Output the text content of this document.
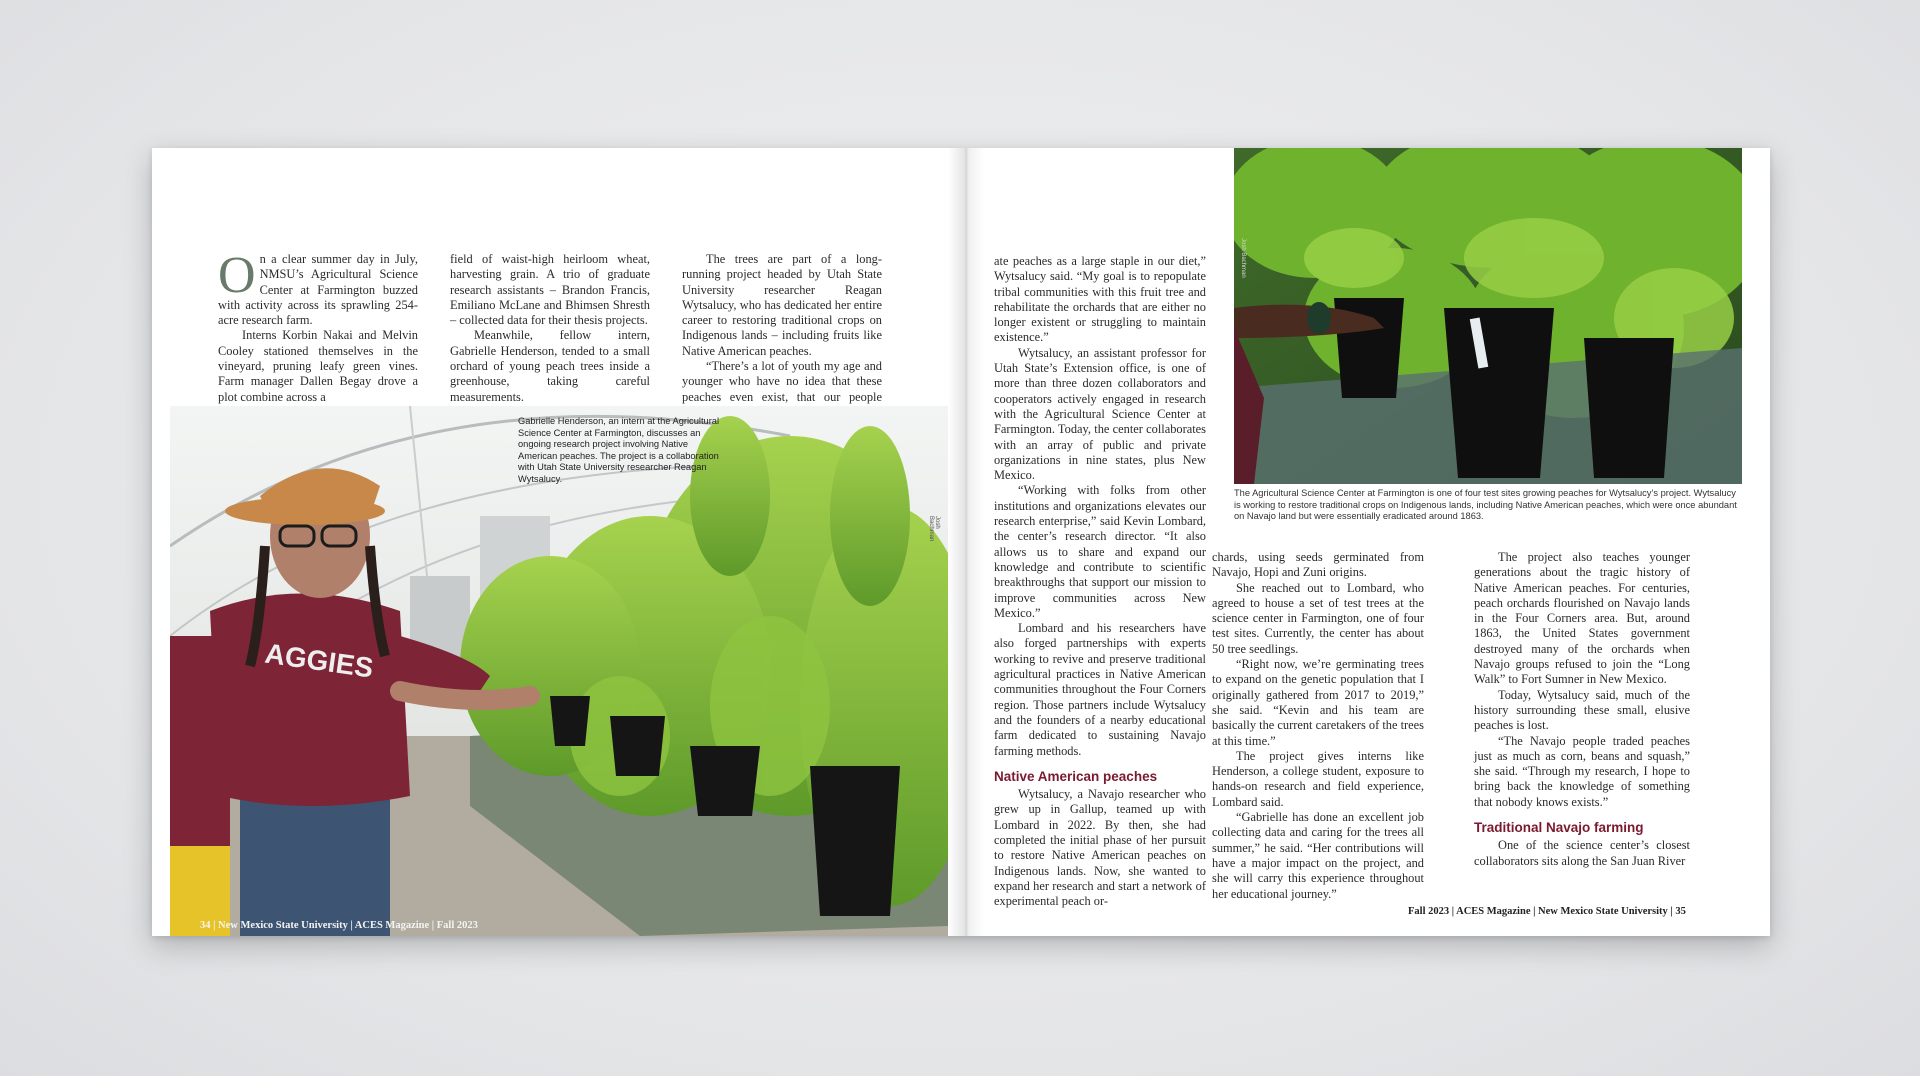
On a clear summer day in July, NMSU’s Agricultural Science Center at Farmington buzzed with activity across its sprawling 254-acre research farm.

Interns Korbin Nakai and Melvin Cooley stationed themselves in the vineyard, pruning leafy green vines. Farm manager Dallen Begay drove a plot combine across a

field of waist-high heirloom wheat, harvesting grain. A trio of graduate research assistants – Brandon Francis, Emiliano McLane and Bhimsen Shresth – collected data for their thesis projects.

Meanwhile, fellow intern, Gabrielle Henderson, tended to a small orchard of young peach trees inside a greenhouse, taking careful measurements.

The trees are part of a long-running project headed by Utah State University researcher Reagan Wytsalucy, who has dedicated her entire career to restoring traditional crops on Indigenous lands – including fruits like Native American peaches.

“There’s a lot of youth my age and younger who have no idea that these peaches even exist, that our people

AGGIES
Gabrielle Henderson, an intern at the Agricultural Science Center at Farmington, discusses an ongoing research project involving Native American peaches. The project is a collaboration with Utah State University researcher Reagan Wytsalucy.
Josh Bachman
34 | New Mexico State University | ACES Magazine | Fall 2023

ate peaches as a large staple in our diet,” Wytsalucy said. “My goal is to repopulate tribal communities with this fruit tree and rehabilitate the orchards that are either no longer existent or struggling to maintain existence.”

Wytsalucy, an assistant professor for Utah State’s Extension office, is one of more than three dozen collaborators and cooperators actively engaged in research with the Agricultural Science Center at Farmington. Today, the center collaborates with an array of public and private organizations in nine states, plus New Mexico.

“Working with folks from other institutions and organizations elevates our research enterprise,” said Kevin Lombard, the center’s research director. “It also allows us to share and expand our knowledge and contribute to scientific breakthroughs that support our mission to improve communities across New Mexico.”

Lombard and his researchers have also forged partnerships with experts working to revive and preserve traditional agricultural practices in Native American communities throughout the Four Corners region. Those partners include Wytsalucy and the founders of a nearby educational farm dedicated to sustaining Navajo farming methods.

Native American peaches

Wytsalucy, a Navajo researcher who grew up in Gallup, teamed up with Lombard in 2022. By then, she had completed the initial phase of her pursuit to restore Native American peaches on Indigenous lands. Now, she wanted to expand her research and start a network of experimental peach or-

Josh Bachman
The Agricultural Science Center at Farmington is one of four test sites growing peaches for Wytsalucy’s project. Wytsalucy is working to restore traditional crops on Indigenous lands, including Native American peaches, which were once abundant on Navajo land but were essentially eradicated around 1863.

chards, using seeds germinated from Navajo, Hopi and Zuni origins.

She reached out to Lombard, who agreed to house a set of test trees at the science center in Farmington, one of four test sites. Currently, the center has about 50 tree seedlings.

“Right now, we’re germinating trees to expand on the genetic population that I originally gathered from 2017 to 2019,” she said. “Kevin and his team are basically the current caretakers of the trees at this time.”

The project gives interns like Henderson, a college student, exposure to hands-on research and field experience, Lombard said.

“Gabrielle has done an excellent job collecting data and caring for the trees all summer,” he said. “Her contributions will have a major impact on the project, and she will carry this experience throughout her educational journey.”

The project also teaches younger generations about the tragic history of Native American peaches. For centuries, peach orchards flourished on Navajo lands in the Four Corners area. But, around 1863, the United States government destroyed many of the orchards when Navajo groups refused to join the “Long Walk” to Fort Sumner in New Mexico.

Today, Wytsalucy said, much of the history surrounding these small, elusive peaches is lost.

“The Navajo people traded peaches just as much as corn, beans and squash,” she said. “Through my research, I hope to bring back the knowledge of something that nobody knows exists.”

Traditional Navajo farming

One of the science center’s closest collaborators sits along the San Juan River

Fall 2023 | ACES Magazine | New Mexico State University | 35
